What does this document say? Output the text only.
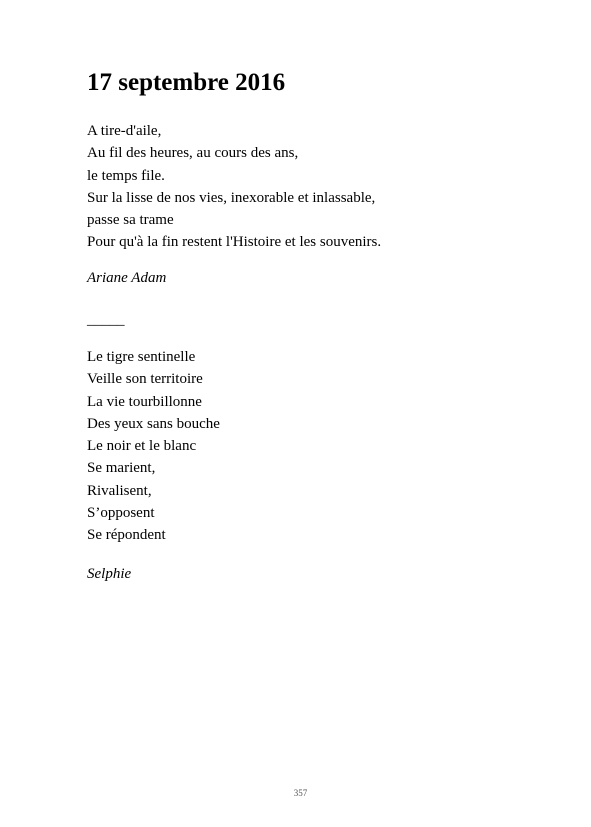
17 septembre 2016
A tire-d'aile,
Au fil des heures, au cours des ans,
le temps file.
Sur la lisse de nos vies, inexorable et inlassable,
passe sa trame
Pour qu'à la fin restent l'Histoire et les souvenirs.

Ariane Adam

_____

Le tigre sentinelle
Veille son territoire
La vie tourbillonne
Des yeux sans bouche
Le noir et le blanc
Se marient,
Rivalisent,
S’opposent
Se répondent

Selphie

357
